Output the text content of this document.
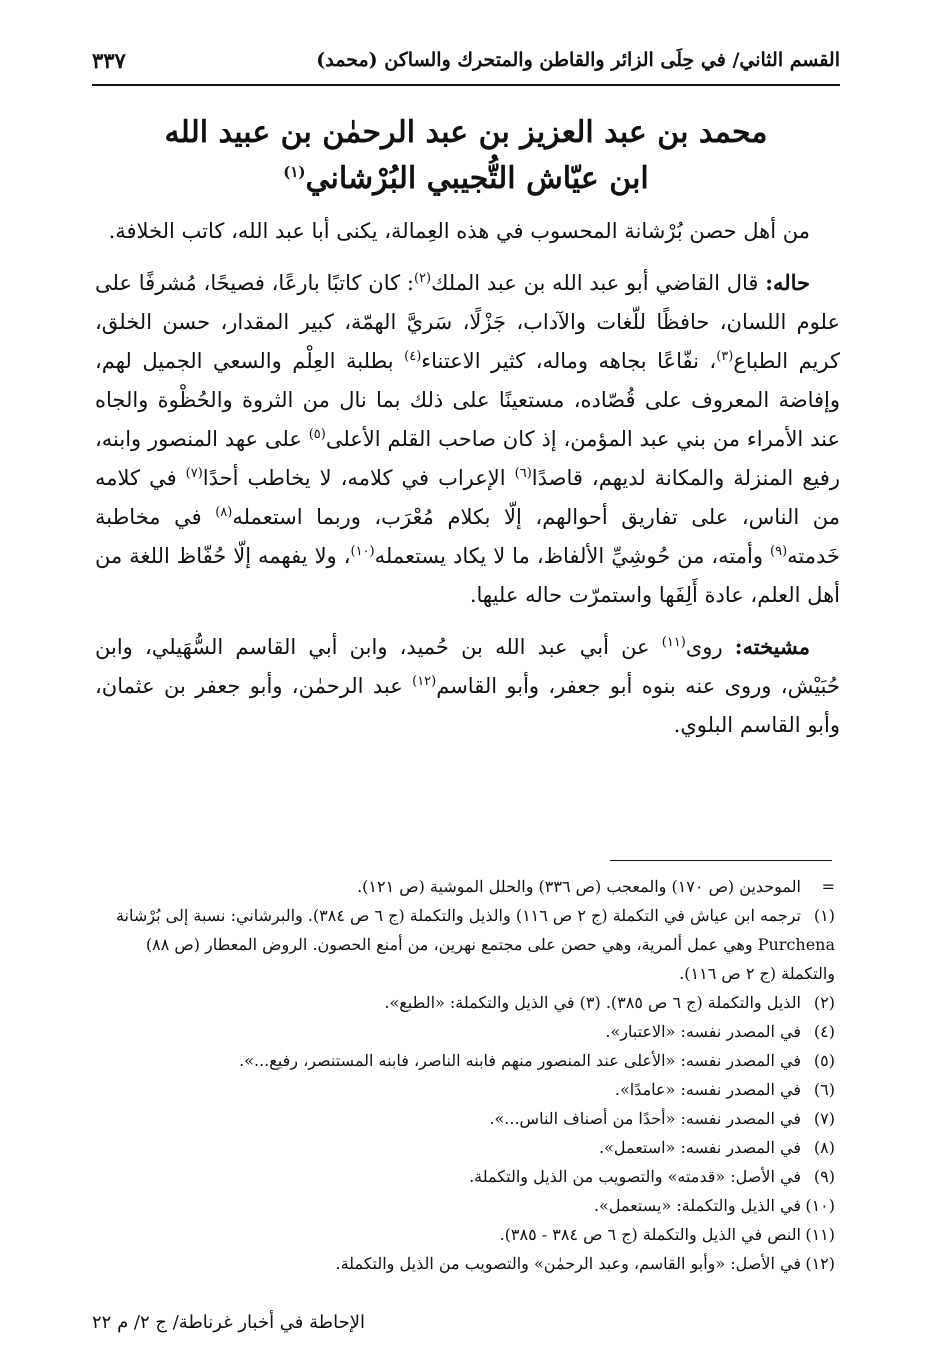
٣٣٧	القسم الثاني/ في حِلَى الزائر والقاطن والمتحرك والساكن (محمد)
محمد بن عبد العزيز بن عبد الرحمٰن بن عبيد الله
ابن عيّاش التُّجيبي البُرْشاني$^{(١)}$

من أهل حصن بُرْشانة المحسوب في هذه العِمالة، يكنى أبا عبد الله، كاتب الخلافة.

حاله: قال القاضي أبو عبد الله بن عبد الملك$^{(٢)}$: كان كاتبًا بارعًا، فصيحًا، مُشرفًا على علوم اللسان، حافظًا للّغات والآداب، جَزْلًا، سَريَّ الهمّة، كبير المقدار، حسن الخلق، كريم الطباع$^{(٣)}$، نفّاعًا بجاهه وماله، كثير الاعتناء$^{(٤)}$ بطلبة العِلْم والسعي الجميل لهم، وإفاضة المعروف على قُصّاده، مستعينًا على ذلك بما نال من الثروة والحُظْوة والجاه عند الأمراء من بني عبد المؤمن، إذ كان صاحب القلم الأعلى$^{(٥)}$ على عهد المنصور وابنه، رفيع المنزلة والمكانة لديهم، قاصدًا$^{(٦)}$ الإعراب في كلامه، لا يخاطب أحدًا$^{(٧)}$ في كلامه من الناس، على تفاريق أحوالهم، إلّا بكلام مُعْرَب، وربما استعمله$^{(٨)}$ في مخاطبة خَدمته$^{(٩)}$ وأمته، من حُوشِيِّ الألفاظ، ما لا يكاد يستعمله$^{(١٠)}$، ولا يفهمه إلّا حُفّاظ اللغة من أهل العلم، عادة أَلِفَها واستمرّت حاله عليها.

مشيخته: روى$^{(١١)}$ عن أبي عبد الله بن حُميد، وابن أبي القاسم السُّهَيلي، وابن حُبَيْش، وروى عنه بنوه أبو جعفر، وأبو القاسم$^{(١٢)}$ عبد الرحمٰن، وأبو جعفر بن عثمان، وأبو القاسم البلوي.

=الموحدين (ص ١٧٠) والمعجب (ص ٣٣٦) والحلل الموشية (ص ١٢١).
(١)ترجمه ابن عياش في التكملة (ج ٢ ص ١١٦) والذيل والتكملة (ج ٦ ص ٣٨٤). والبرشاني: نسبة إلى بُرْشانة Purchena وهي عمل ألمرية، وهي حصن على مجتمع نهرين، من أمنع الحصون. الروض المعطار (ص ٨٨) والتكملة (ج ٢ ص ١١٦).
(٢)الذيل والتكملة (ج ٦ ص ٣٨٥). (٣) في الذيل والتكملة: «الطبع».
(٤)في المصدر نفسه: «الاعتبار».
(٥)في المصدر نفسه: «الأعلى عند المنصور منهم فابنه الناصر، فابنه المستنصر، رفيع...».
(٦)في المصدر نفسه: «عامدًا».
(٧)في المصدر نفسه: «أحدًا من أصناف الناس...».
(٨)في المصدر نفسه: «استعمل».
(٩)في الأصل: «قدمته» والتصويب من الذيل والتكملة.
(١٠)في الذيل والتكملة: «يستعمل».
(١١)النص في الذيل والتكملة (ج ٦ ص ٣٨٤ - ٣٨٥).
(١٢)في الأصل: «وأبو القاسم، وعبد الرحمٰن» والتصويب من الذيل والتكملة.
الإحاطة في أخبار غرناطة/ ج ٢/ م ٢٢
